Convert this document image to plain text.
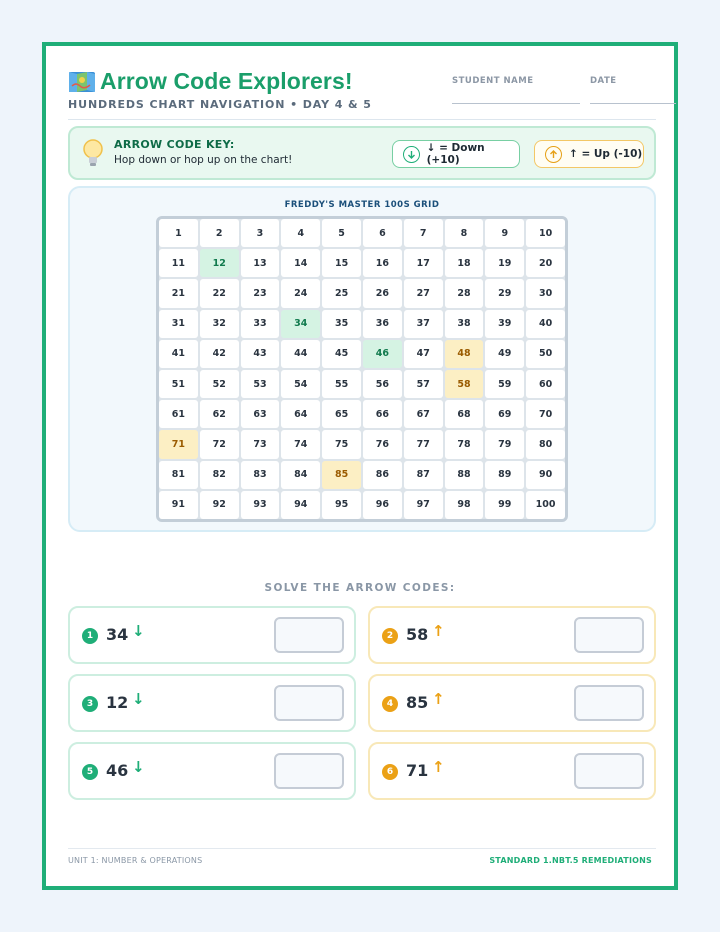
Arrow Code Explorers!
HUNDREDS CHART NAVIGATION • DAY 4 & 5
STUDENT NAME	DATE
ARROW CODE KEY:
Hop down or hop up on the chart!
↓ = Down (+10)	↑ = Up (-10)
FREDDY'S MASTER 100S GRID
1	2	3	4	5	6	7	8	9	10
11	12	13	14	15	16	17	18	19	20
21	22	23	24	25	26	27	28	29	30
31	32	33	34	35	36	37	38	39	40
41	42	43	44	45	46	47	48	49	50
51	52	53	54	55	56	57	58	59	60
61	62	63	64	65	66	67	68	69	70
71	72	73	74	75	76	77	78	79	80
81	82	83	84	85	86	87	88	89	90
91	92	93	94	95	96	97	98	99	100
SOLVE THE ARROW CODES:
1 34 ↓	2 58 ↑
3 12 ↓	4 85 ↑
5 46 ↓	6 71 ↑
UNIT 1: NUMBER & OPERATIONS	STANDARD 1.NBT.5 REMEDIATIONS
